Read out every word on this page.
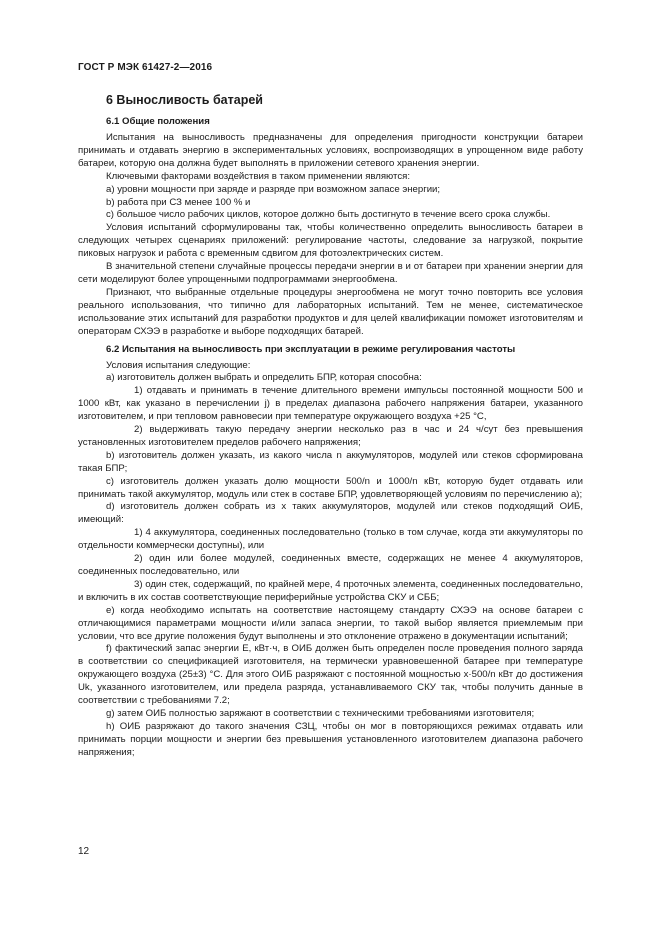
ГОСТ Р МЭК 61427-2—2016
6 Выносливость батарей
6.1 Общие положения

Испытания на выносливость предназначены для определения пригодности конструкции батареи принимать и отдавать энергию в экспериментальных условиях, воспроизводящих в упрощенном виде работу батареи, которую она должна будет выполнять в приложении сетевого хранения энергии.

Ключевыми факторами воздействия в таком применении являются:

а) уровни мощности при заряде и разряде при возможном запасе энергии;

b) работа при СЗ менее 100 % и

с) большое число рабочих циклов, которое должно быть достигнуто в течение всего срока службы.

Условия испытаний сформулированы так, чтобы количественно определить выносливость батареи в следующих четырех сценариях приложений: регулирование частоты, следование за нагрузкой, покрытие пиковых нагрузок и работа с временным сдвигом для фотоэлектрических систем.

В значительной степени случайные процессы передачи энергии в и от батареи при хранении энергии для сети моделируют более упрощенными подпрограммами энергообмена.

Признают, что выбранные отдельные процедуры энергообмена не могут точно повторить все условия реального использования, что типично для лабораторных испытаний. Тем не менее, систематическое использование этих испытаний для разработки продуктов и для целей квалификации поможет изготовителям и операторам СХЭЭ в разработке и выборе подходящих батарей.

6.2 Испытания на выносливость при эксплуатации в режиме регулирования частоты

Условия испытания следующие:

а) изготовитель должен выбрать и определить БПР, которая способна:

1) отдавать и принимать в течение длительного времени импульсы постоянной мощности 500 и 1000 кВт, как указано в перечислении j) в пределах диапазона рабочего напряжения батареи, указанного изготовителем, и при тепловом равновесии при температуре окружающего воздуха +25 °С,

2) выдерживать такую передачу энергии несколько раз в час и 24 ч/сут без превышения установленных изготовителем пределов рабочего напряжения;

b) изготовитель должен указать, из какого числа n аккумуляторов, модулей или стеков сформирована такая БПР;

с) изготовитель должен указать долю мощности 500/n и 1000/n кВт, которую будет отдавать или принимать такой аккумулятор, модуль или стек в составе БПР, удовлетворяющей условиям по перечислению а);

d) изготовитель должен собрать из x таких аккумуляторов, модулей или стеков подходящий ОИБ, имеющий:

1) 4 аккумулятора, соединенных последовательно (только в том случае, когда эти аккумуляторы по отдельности коммерчески доступны), или

2) один или более модулей, соединенных вместе, содержащих не менее 4 аккумуляторов, соединенных последовательно, или

3) один стек, содержащий, по крайней мере, 4 проточных элемента, соединенных последовательно, и включить в их состав соответствующие периферийные устройства СКУ и СББ;

е) когда необходимо испытать на соответствие настоящему стандарту СХЭЭ на основе батареи с отличающимися параметрами мощности и/или запаса энергии, то такой выбор является приемлемым при условии, что все другие положения будут выполнены и это отклонение отражено в документации испытаний;

f) фактический запас энергии E, кВт·ч, в ОИБ должен быть определен после проведения полного заряда в соответствии со спецификацией изготовителя, на термически уравновешенной батарее при температуре окружающего воздуха (25±3) °С. Для этого ОИБ разряжают с постоянной мощностью x·500/n кВт до достижения Uk, указанного изготовителем, или предела разряда, устанавливаемого СКУ так, чтобы получить данные в соответствии с требованиями 7.2;

g) затем ОИБ полностью заряжают в соответствии с техническими требованиями изготовителя;

h) ОИБ разряжают до такого значения СЗЦ, чтобы он мог в повторяющихся режимах отдавать или принимать порции мощности и энергии без превышения установленного изготовителем диапазона рабочего напряжения;

12
